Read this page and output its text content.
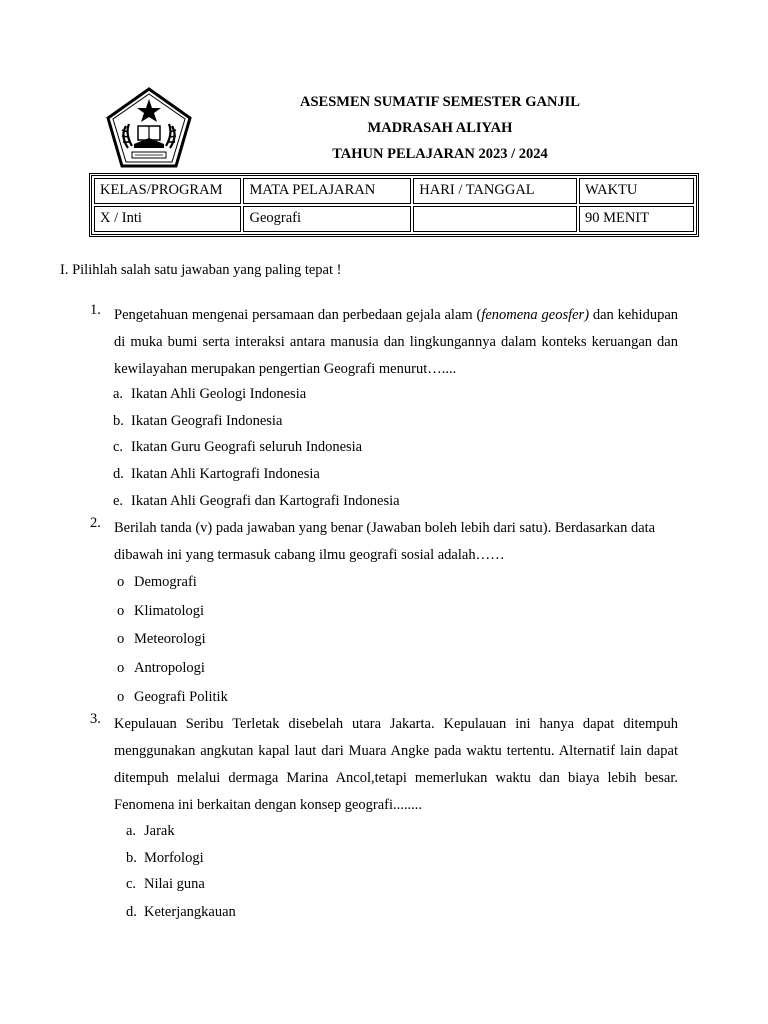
ASESMEN SUMATIF SEMESTER GANJIL
MADRASAH ALIYAH
TAHUN PELAJARAN 2023 / 2024
KELAS/PROGRAM	MATA PELAJARAN	HARI / TANGGAL	WAKTU
X / Inti	Geografi		90 MENIT
I. Pilihlah salah satu jawaban yang paling tepat !
1. Pengetahuan mengenai persamaan dan perbedaan gejala alam (fenomena geosfer) dan kehidupan di muka bumi serta interaksi antara manusia dan lingkungannya dalam konteks keruangan dan kewilayahan merupakan pengertian Geografi menurut…....
a. Ikatan Ahli Geologi Indonesia
b. Ikatan Geografi Indonesia
c. Ikatan Guru Geografi seluruh Indonesia
d. Ikatan Ahli Kartografi Indonesia
e. Ikatan Ahli Geografi dan Kartografi Indonesia
2. Berilah tanda (v) pada jawaban yang benar (Jawaban boleh lebih dari satu). Berdasarkan data dibawah ini yang termasuk cabang ilmu geografi sosial adalah……
o Demografi
o Klimatologi
o Meteorologi
o Antropologi
o Geografi Politik
3. Kepulauan Seribu Terletak disebelah utara Jakarta. Kepulauan ini hanya dapat ditempuh menggunakan angkutan kapal laut dari Muara Angke pada waktu tertentu. Alternatif lain dapat ditempuh melalui dermaga Marina Ancol,tetapi memerlukan waktu dan biaya lebih besar. Fenomena ini berkaitan dengan konsep geografi........
a. Jarak
b. Morfologi
c. Nilai guna
d. Keterjangkauan
